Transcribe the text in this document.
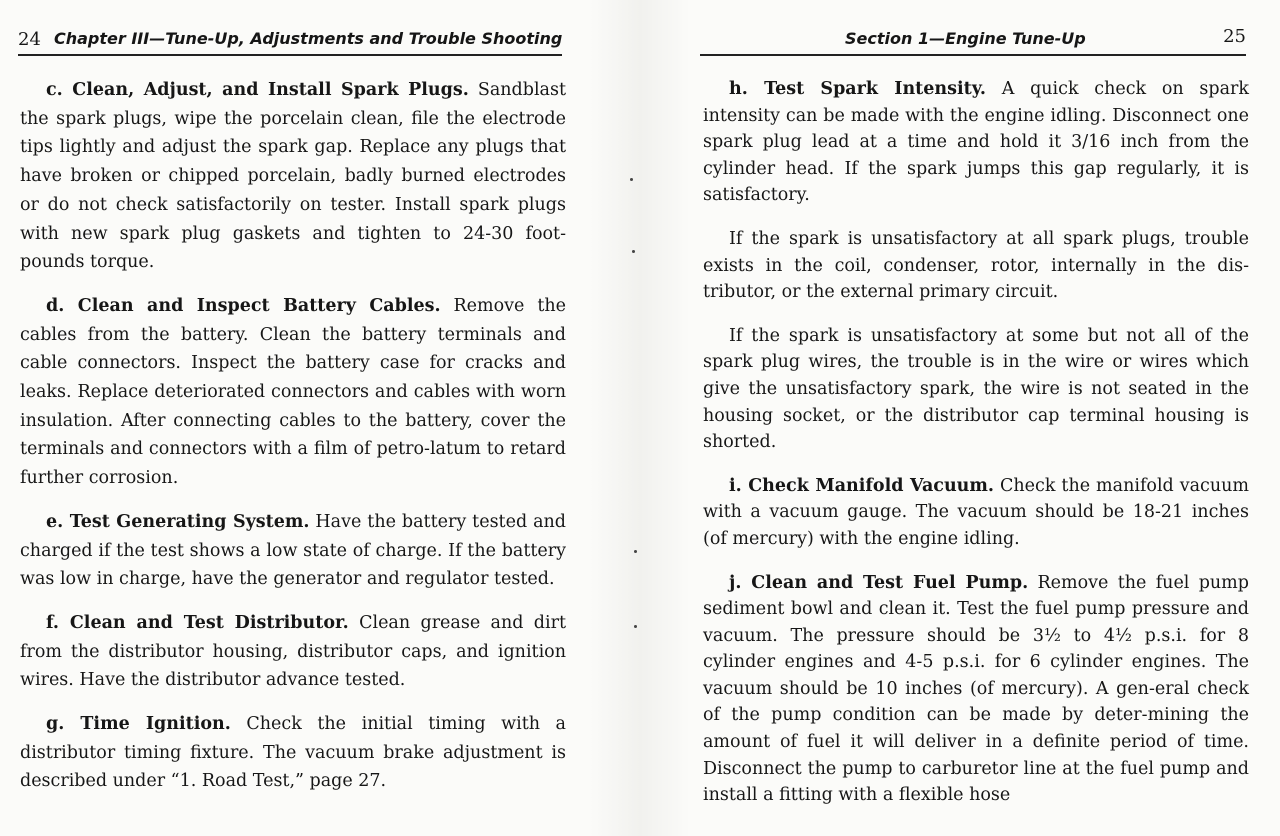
24 Chapter III—Tune-Up, Adjustments and Trouble Shooting

c. Clean, Adjust, and Install Spark Plugs. Sandblast the spark plugs, wipe the porcelain clean, file the electrode tips lightly and adjust the spark gap. Replace any plugs that have broken or chipped porcelain, badly burned electrodes or do not check satisfactorily on tester. Install spark plugs with new spark plug gaskets and tighten to 24-30 foot-pounds torque.

d. Clean and Inspect Battery Cables. Remove the cables from the battery. Clean the battery terminals and cable connectors. Inspect the battery case for cracks and leaks. Replace deteriorated connectors and cables with worn insulation. After connecting cables to the battery, cover the terminals and connectors with a film of petro-latum to retard further corrosion.

e. Test Generating System. Have the battery tested and charged if the test shows a low state of charge. If the battery was low in charge, have the generator and regulator tested.

f. Clean and Test Distributor. Clean grease and dirt from the distributor housing, distributor caps, and ignition wires. Have the distributor advance tested.

g. Time Ignition. Check the initial timing with a distributor timing fixture. The vacuum brake adjustment is described under “1. Road Test,” page 27.

Section 1—Engine Tune-Up	25

h. Test Spark Intensity. A quick check on spark intensity can be made with the engine idling. Disconnect one spark plug lead at a time and hold it 3/16 inch from the cylinder head. If the spark jumps this gap regularly, it is satisfactory.

If the spark is unsatisfactory at all spark plugs, trouble exists in the coil, condenser, rotor, internally in the dis-tributor, or the external primary circuit.

If the spark is unsatisfactory at some but not all of the spark plug wires, the trouble is in the wire or wires which give the unsatisfactory spark, the wire is not seated in the housing socket, or the distributor cap terminal housing is shorted.

i. Check Manifold Vacuum. Check the manifold vacuum with a vacuum gauge. The vacuum should be 18-21 inches (of mercury) with the engine idling.

j. Clean and Test Fuel Pump. Remove the fuel pump sediment bowl and clean it. Test the fuel pump pressure and vacuum. The pressure should be 3½ to 4½ p.s.i. for 8 cylinder engines and 4-5 p.s.i. for 6 cylinder engines. The vacuum should be 10 inches (of mercury). A gen-eral check of the pump condition can be made by deter-mining the amount of fuel it will deliver in a definite period of time. Disconnect the pump to carburetor line at the fuel pump and install a fitting with a flexible hose
